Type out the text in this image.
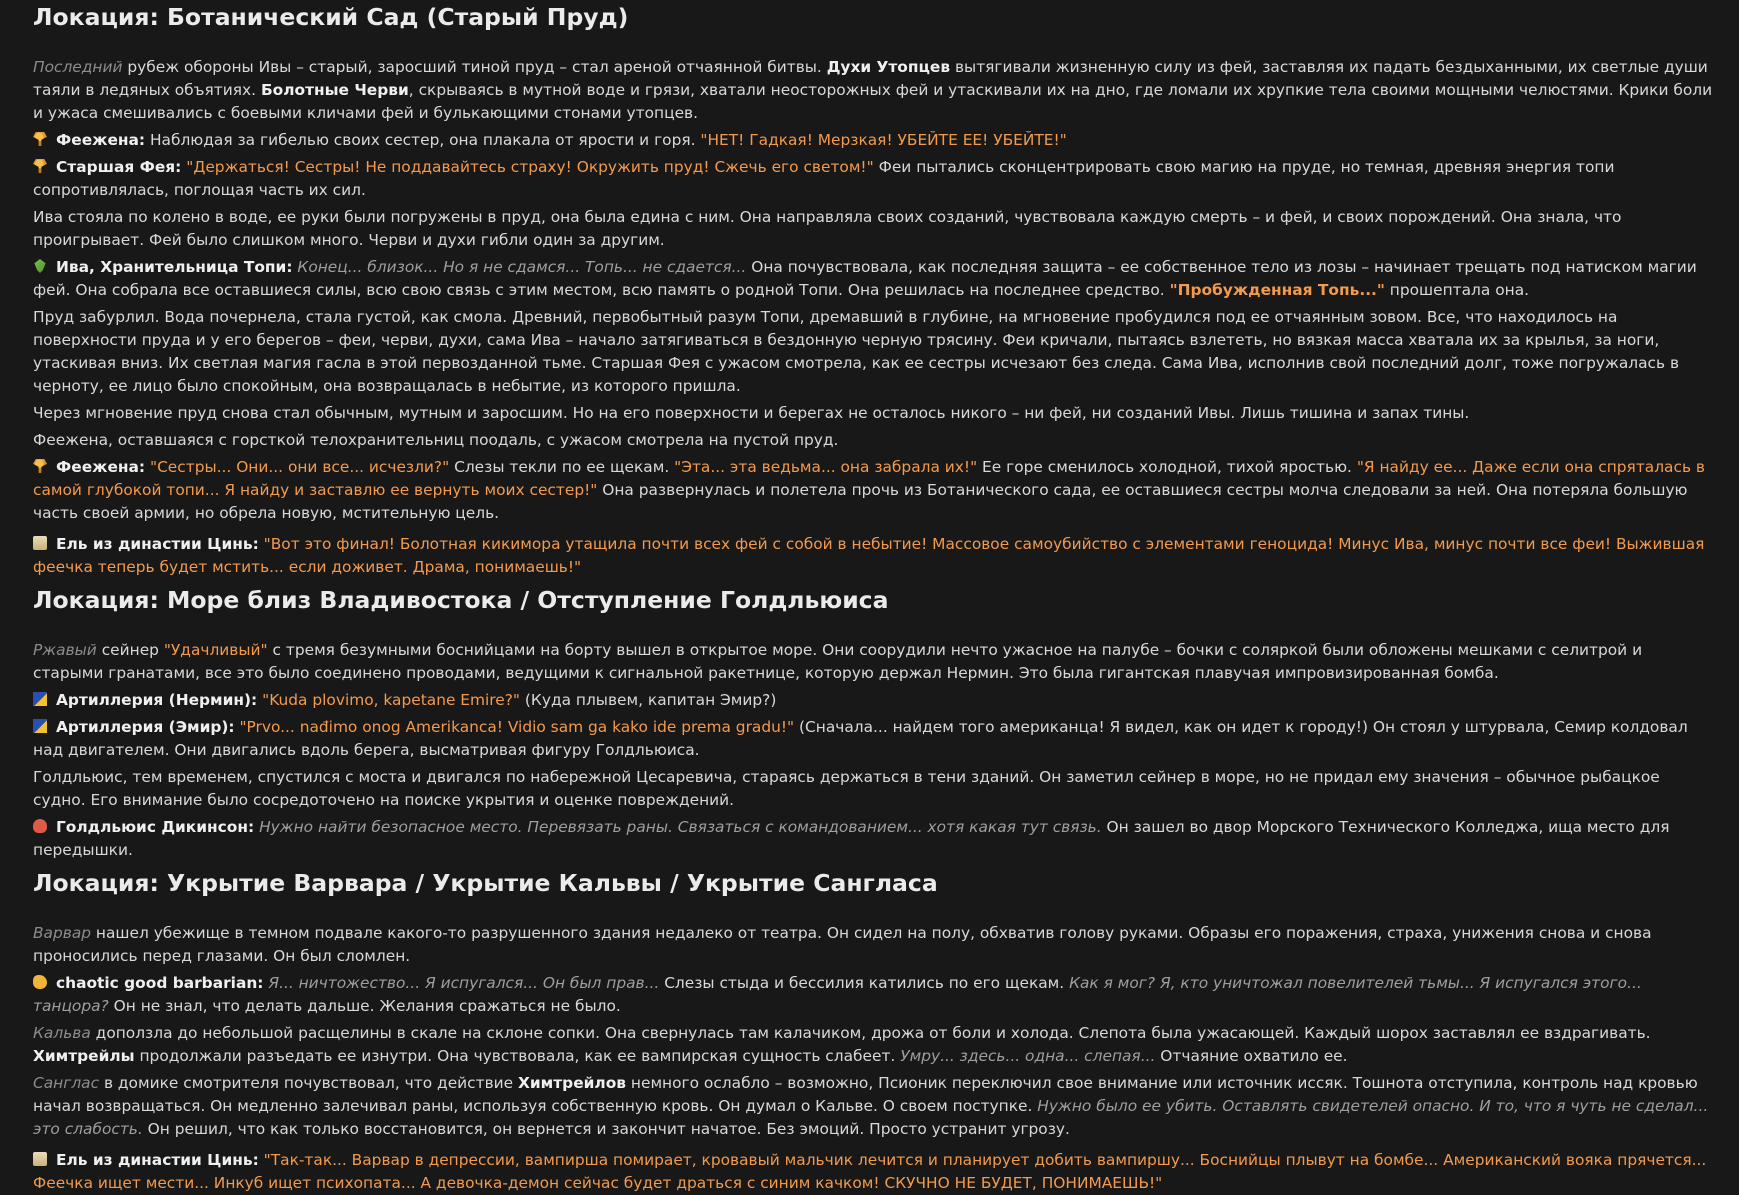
Локация: Ботанический Сад (Старый Пруд)

Последний рубеж обороны Ивы – старый, заросший тиной пруд – стал ареной отчаянной битвы. Духи Утопцев вытягивали жизненную силу из фей, заставляя их падать бездыханными, их светлые души таяли в ледяных объятиях. Болотные Черви, скрываясь в мутной воде и грязи, хватали неосторожных фей и утаскивали их на дно, где ломали их хрупкие тела своими мощными челюстями. Крики боли и ужаса смешивались с боевыми кличами фей и булькающими стонами утопцев.

Феежена: Наблюдая за гибелью своих сестер, она плакала от ярости и горя. "НЕТ! Гадкая! Мерзкая! УБЕЙТЕ ЕЕ! УБЕЙТЕ!"

Старшая Фея: "Держаться! Сестры! Не поддавайтесь страху! Окружить пруд! Сжечь его светом!" Феи пытались сконцентрировать свою магию на пруде, но темная, древняя энергия топи сопротивлялась, поглощая часть их сил.

Ива стояла по колено в воде, ее руки были погружены в пруд, она была едина с ним. Она направляла своих созданий, чувствовала каждую смерть – и фей, и своих порождений. Она знала, что проигрывает. Фей было слишком много. Черви и духи гибли один за другим.

Ива, Хранительница Топи: Конец... близок... Но я не сдамся... Топь... не сдается... Она почувствовала, как последняя защита – ее собственное тело из лозы – начинает трещать под натиском магии фей. Она собрала все оставшиеся силы, всю свою связь с этим местом, всю память о родной Топи. Она решилась на последнее средство. "Пробужденная Топь..." прошептала она.

Пруд забурлил. Вода почернела, стала густой, как смола. Древний, первобытный разум Топи, дремавший в глубине, на мгновение пробудился под ее отчаянным зовом. Все, что находилось на поверхности пруда и у его берегов – феи, черви, духи, сама Ива – начало затягиваться в бездонную черную трясину. Феи кричали, пытаясь взлететь, но вязкая масса хватала их за крылья, за ноги, утаскивая вниз. Их светлая магия гасла в этой первозданной тьме. Старшая Фея с ужасом смотрела, как ее сестры исчезают без следа. Сама Ива, исполнив свой последний долг, тоже погружалась в черноту, ее лицо было спокойным, она возвращалась в небытие, из которого пришла.

Через мгновение пруд снова стал обычным, мутным и заросшим. Но на его поверхности и берегах не осталось никого – ни фей, ни созданий Ивы. Лишь тишина и запах тины.

Феежена, оставшаяся с горсткой телохранительниц поодаль, с ужасом смотрела на пустой пруд.

Феежена: "Сестры... Они... они все... исчезли?" Слезы текли по ее щекам. "Эта... эта ведьма... она забрала их!" Ее горе сменилось холодной, тихой яростью. "Я найду ее... Даже если она спряталась в самой глубокой топи... Я найду и заставлю ее вернуть моих сестер!" Она развернулась и полетела прочь из Ботанического сада, ее оставшиеся сестры молча следовали за ней. Она потеряла большую часть своей армии, но обрела новую, мстительную цель.

Ель из династии Цинь: "Вот это финал! Болотная кикимора утащила почти всех фей с собой в небытие! Массовое самоубийство с элементами геноцида! Минус Ива, минус почти все феи! Выжившая феечка теперь будет мстить... если доживет. Драма, понимаешь!"

Локация: Море близ Владивостока / Отступление Голдльюиса

Ржавый сейнер "Удачливый" с тремя безумными боснийцами на борту вышел в открытое море. Они соорудили нечто ужасное на палубе – бочки с соляркой были обложены мешками с селитрой и старыми гранатами, все это было соединено проводами, ведущими к сигнальной ракетнице, которую держал Нермин. Это была гигантская плавучая импровизированная бомба.

Артиллерия (Нермин): "Kuda plovimo, kapetane Emire?" (Куда плывем, капитан Эмир?)

Артиллерия (Эмир): "Prvo... nađimo onog Amerikanca! Vidio sam ga kako ide prema gradu!" (Сначала... найдем того американца! Я видел, как он идет к городу!) Он стоял у штурвала, Семир колдовал над двигателем. Они двигались вдоль берега, высматривая фигуру Голдльюиса.

Голдльюис, тем временем, спустился с моста и двигался по набережной Цесаревича, стараясь держаться в тени зданий. Он заметил сейнер в море, но не придал ему значения – обычное рыбацкое судно. Его внимание было сосредоточено на поиске укрытия и оценке повреждений.

Голдльюис Дикинсон: Нужно найти безопасное место. Перевязать раны. Связаться с командованием... хотя какая тут связь. Он зашел во двор Морского Технического Колледжа, ища место для передышки.

Локация: Укрытие Варвара / Укрытие Кальвы / Укрытие Сангласа

Варвар нашел убежище в темном подвале какого-то разрушенного здания недалеко от театра. Он сидел на полу, обхватив голову руками. Образы его поражения, страха, унижения снова и снова проносились перед глазами. Он был сломлен.

chaotic good barbarian: Я... ничтожество... Я испугался... Он был прав... Слезы стыда и бессилия катились по его щекам. Как я мог? Я, кто уничтожал повелителей тьмы... Я испугался этого... танцора? Он не знал, что делать дальше. Желания сражаться не было.

Кальва доползла до небольшой расщелины в скале на склоне сопки. Она свернулась там калачиком, дрожа от боли и холода. Слепота была ужасающей. Каждый шорох заставлял ее вздрагивать. Химтрейлы продолжали разъедать ее изнутри. Она чувствовала, как ее вампирская сущность слабеет. Умру... здесь... одна... слепая... Отчаяние охватило ее.

Санглас в домике смотрителя почувствовал, что действие Химтрейлов немного ослабло – возможно, Псионик переключил свое внимание или источник иссяк. Тошнота отступила, контроль над кровью начал возвращаться. Он медленно залечивал раны, используя собственную кровь. Он думал о Кальве. О своем поступке. Нужно было ее убить. Оставлять свидетелей опасно. И то, что я чуть не сделал... это слабость. Он решил, что как только восстановится, он вернется и закончит начатое. Без эмоций. Просто устранит угрозу.

Ель из династии Цинь: "Так-так... Варвар в депрессии, вампирша помирает, кровавый мальчик лечится и планирует добить вампиршу... Боснийцы плывут на бомбе... Американский вояка прячется... Феечка ищет мести... Инкуб ищет психопата... А девочка-демон сейчас будет драться с синим качком! СКУЧНО НЕ БУДЕТ, ПОНИМАЕШЬ!"
